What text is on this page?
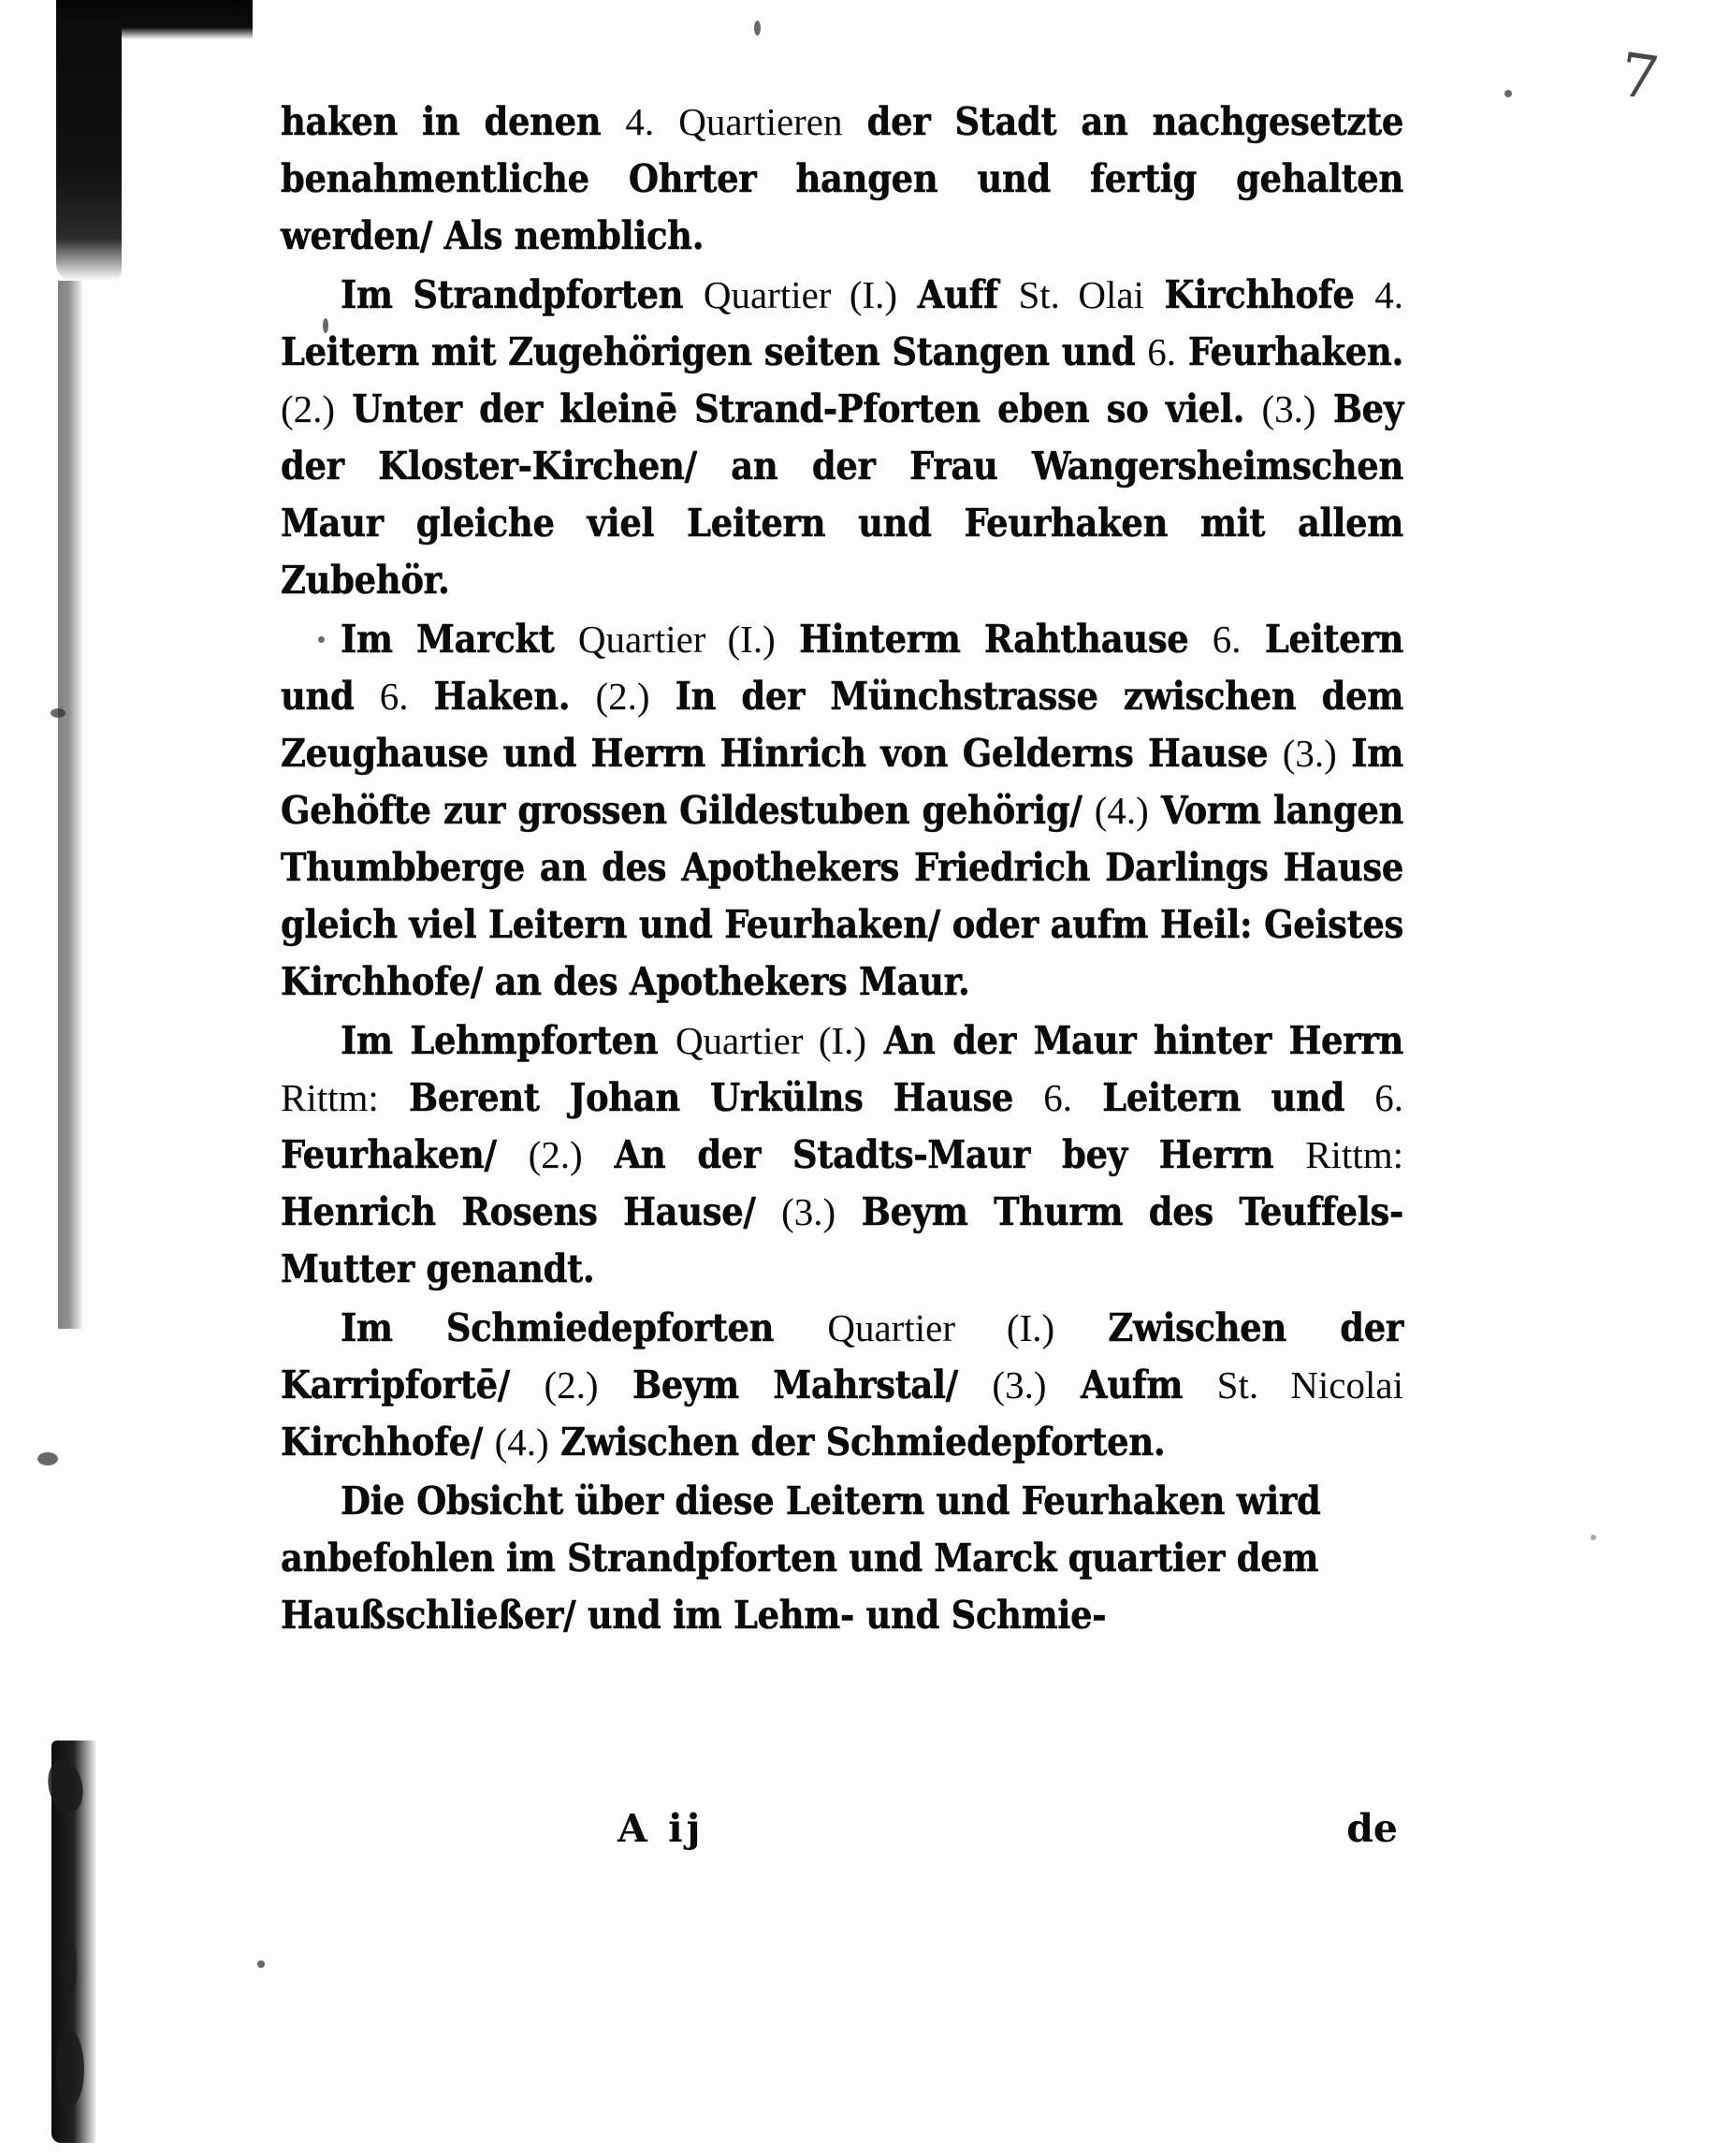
7

haken in denen 4. Quartieren der Stadt an nachgesetzte benahmentliche Ohrter hangen und fertig gehalten werden/ Als nemblich.

Im Strandpforten Quartier (I.) Auff St. Olai Kirchhofe 4. Leitern mit Zugehörigen seiten Stangen und 6. Feurhaken. (2.) Unter der kleinē Strand-Pforten eben so viel. (3.) Bey der Kloster-Kirchen/ an der Frau Wangersheimschen Maur gleiche viel Leitern und Feurhaken mit allem Zubehör.

Im Marckt Quartier (I.) Hinterm Rahthause 6. Leitern und 6. Haken. (2.) In der Münchstrasse zwischen dem Zeughause und Herrn Hinrich von Gelderns Hause (3.) Im Gehöfte zur grossen Gildestuben gehörig/ (4.) Vorm langen Thumbberge an des Apothekers Friedrich Darlings Hause gleich viel Leitern und Feurhaken/ oder aufm Heil: Geistes Kirchhofe/ an des Apothekers Maur.

Im Lehmpforten Quartier (I.) An der Maur hinter Herrn Rittm: Berent Johan Urkülns Hause 6. Leitern und 6. Feurhaken/ (2.) An der Stadts-Maur bey Herrn Rittm: Henrich Rosens Hause/ (3.) Beym Thurm des Teuffels-Mutter genandt.

Im Schmiedepforten Quartier (I.) Zwischen der Karripfortē/ (2.) Beym Mahrstal/ (3.) Aufm St. Nicolai Kirchhofe/ (4.) Zwischen der Schmiedepforten.

Die Obsicht über diese Leitern und Feurhaken wird anbefohlen im Strandpforten und Marck quartier dem Haußschließer/ und im Lehm- und Schmie-

A ij	de
